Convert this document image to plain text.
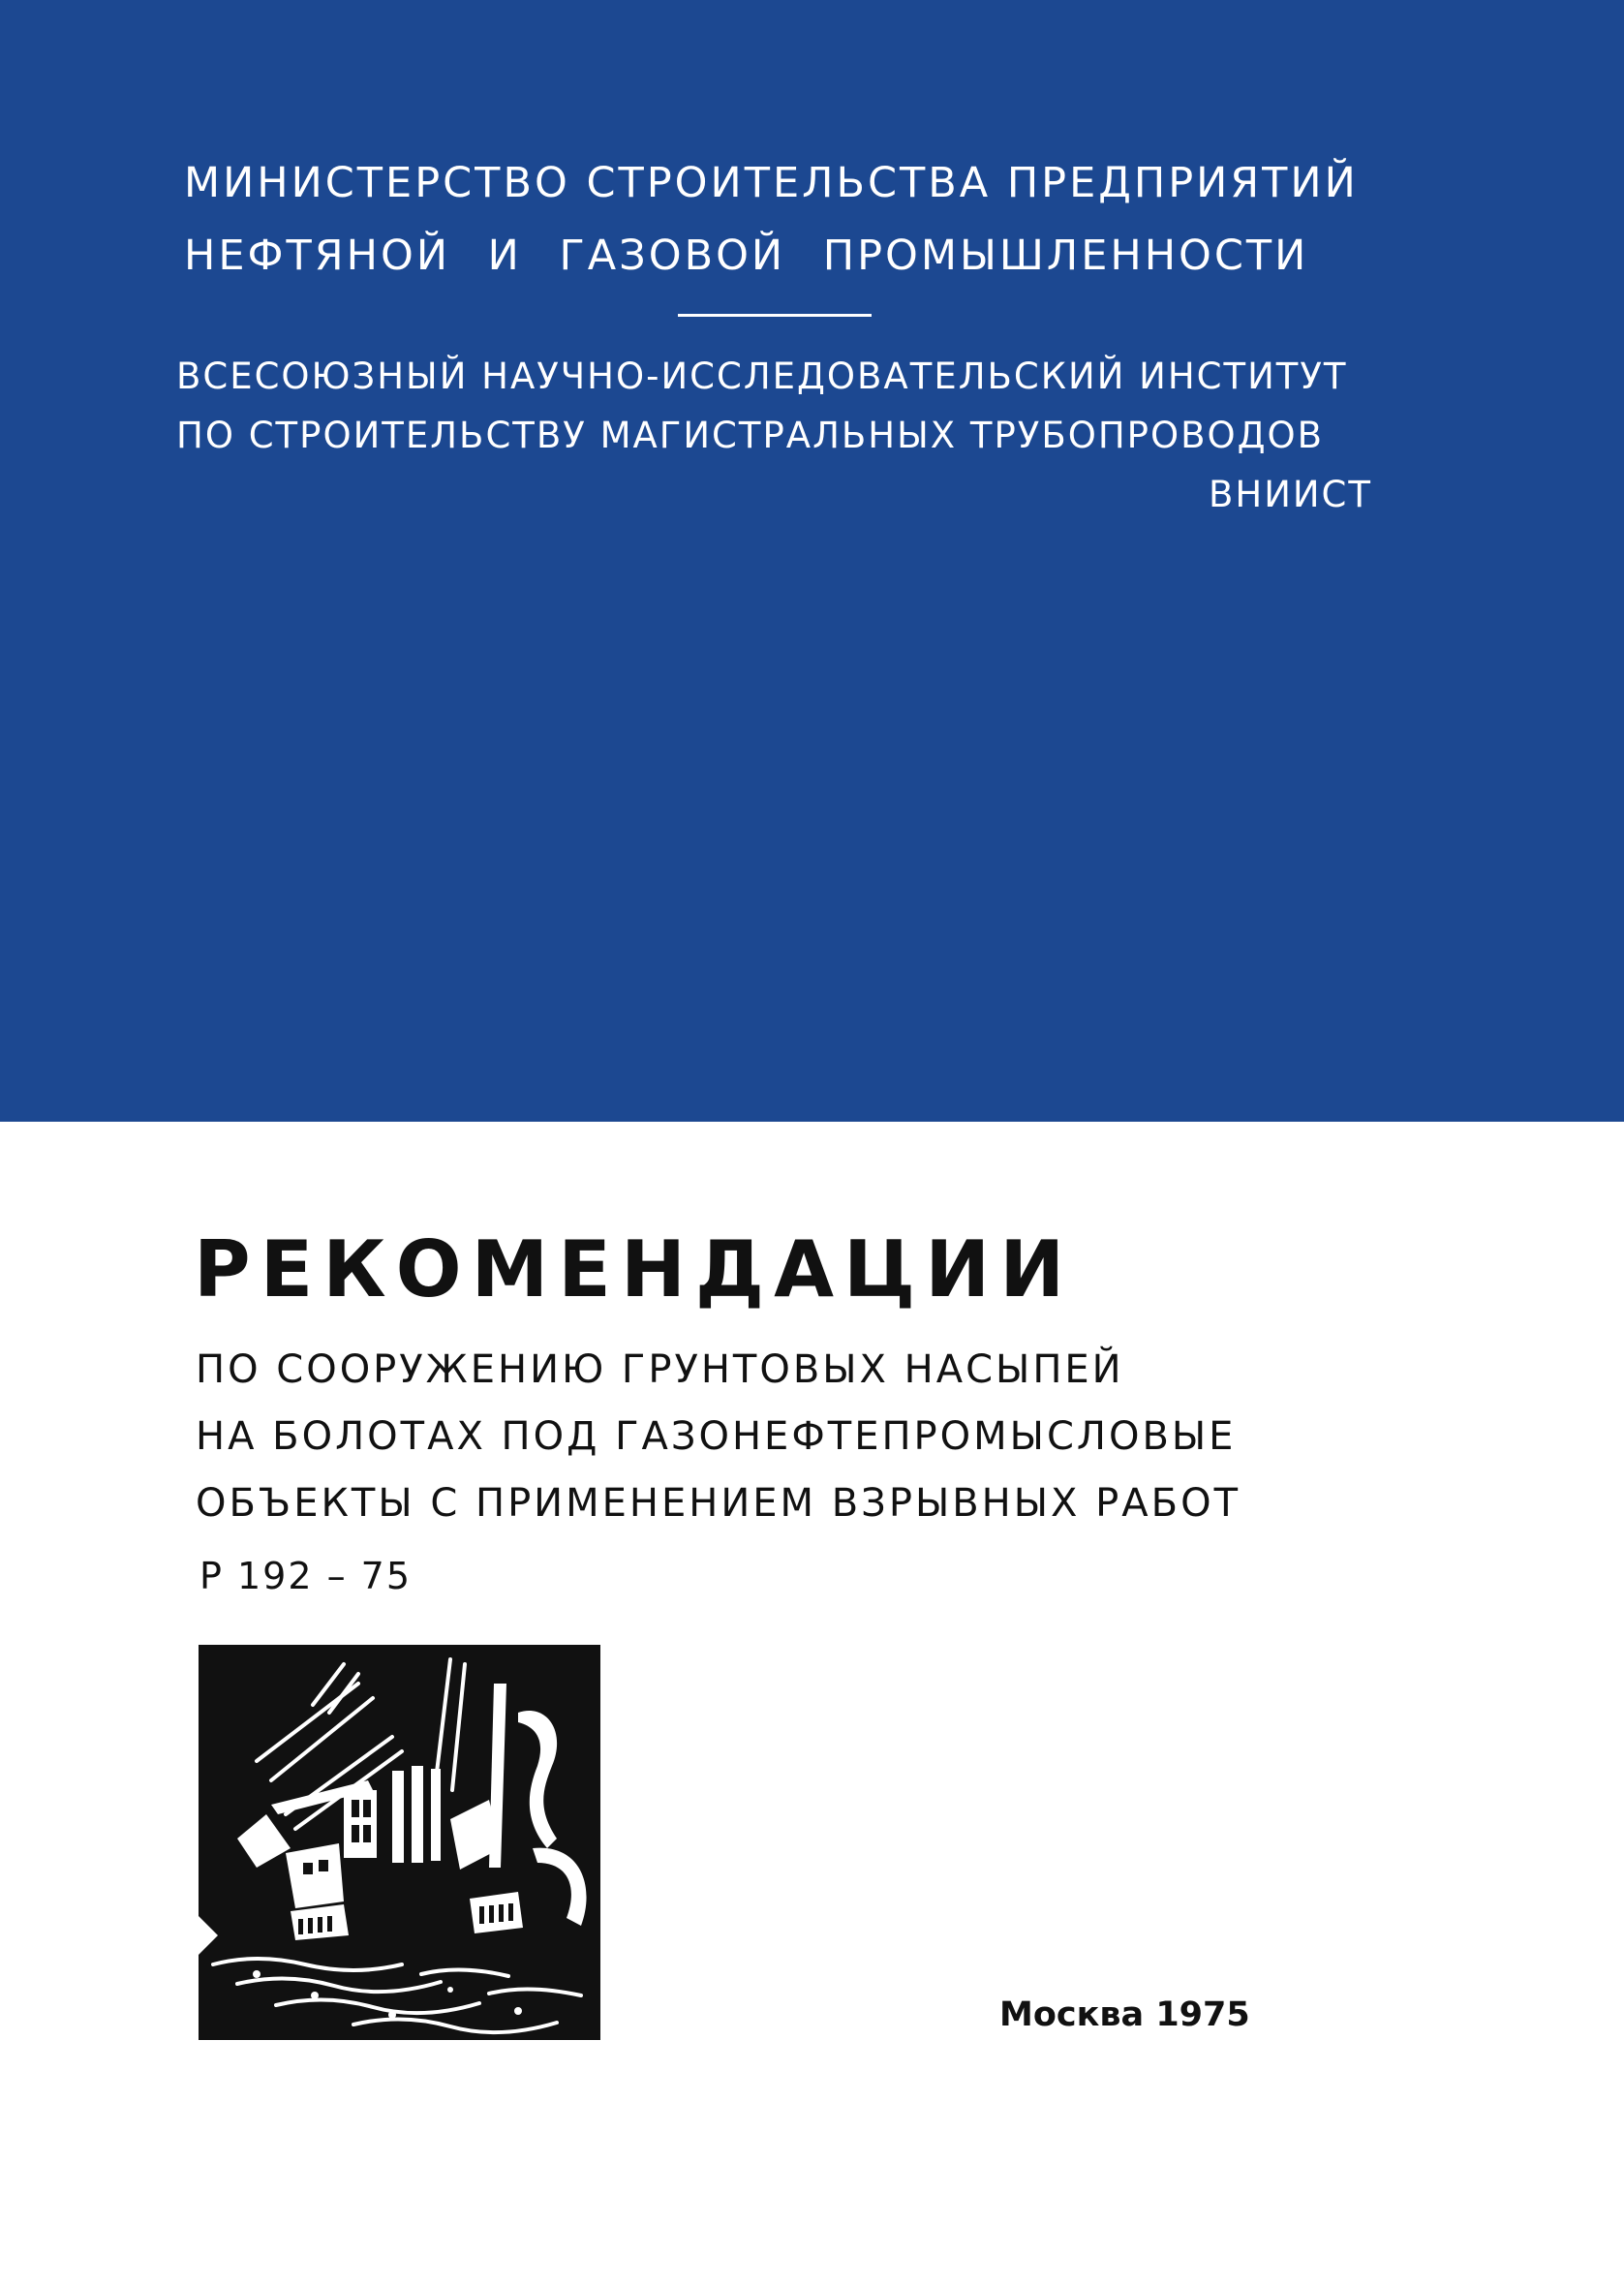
МИНИСТЕРСТВО СТРОИТЕЛЬСТВА ПРЕДПРИЯТИЙ
НЕФТЯНОЙ И ГАЗОВОЙ ПРОМЫШЛЕННОСТИ
ВСЕСОЮЗНЫЙ НАУЧНО-ИССЛЕДОВАТЕЛЬСКИЙ ИНСТИТУТ
ПО СТРОИТЕЛЬСТВУ МАГИСТРАЛЬНЫХ ТРУБОПРОВОДОВ
ВНИИСТ
РЕКОМЕНДАЦИИ
ПО СООРУЖЕНИЮ ГРУНТОВЫХ НАСЫПЕЙ
НА БОЛОТАХ ПОД ГАЗОНЕФТЕПРОМЫСЛОВЫЕ
ОБЪЕКТЫ С ПРИМЕНЕНИЕМ ВЗРЫВНЫХ РАБОТ
Р 192 – 75
Москва 1975
